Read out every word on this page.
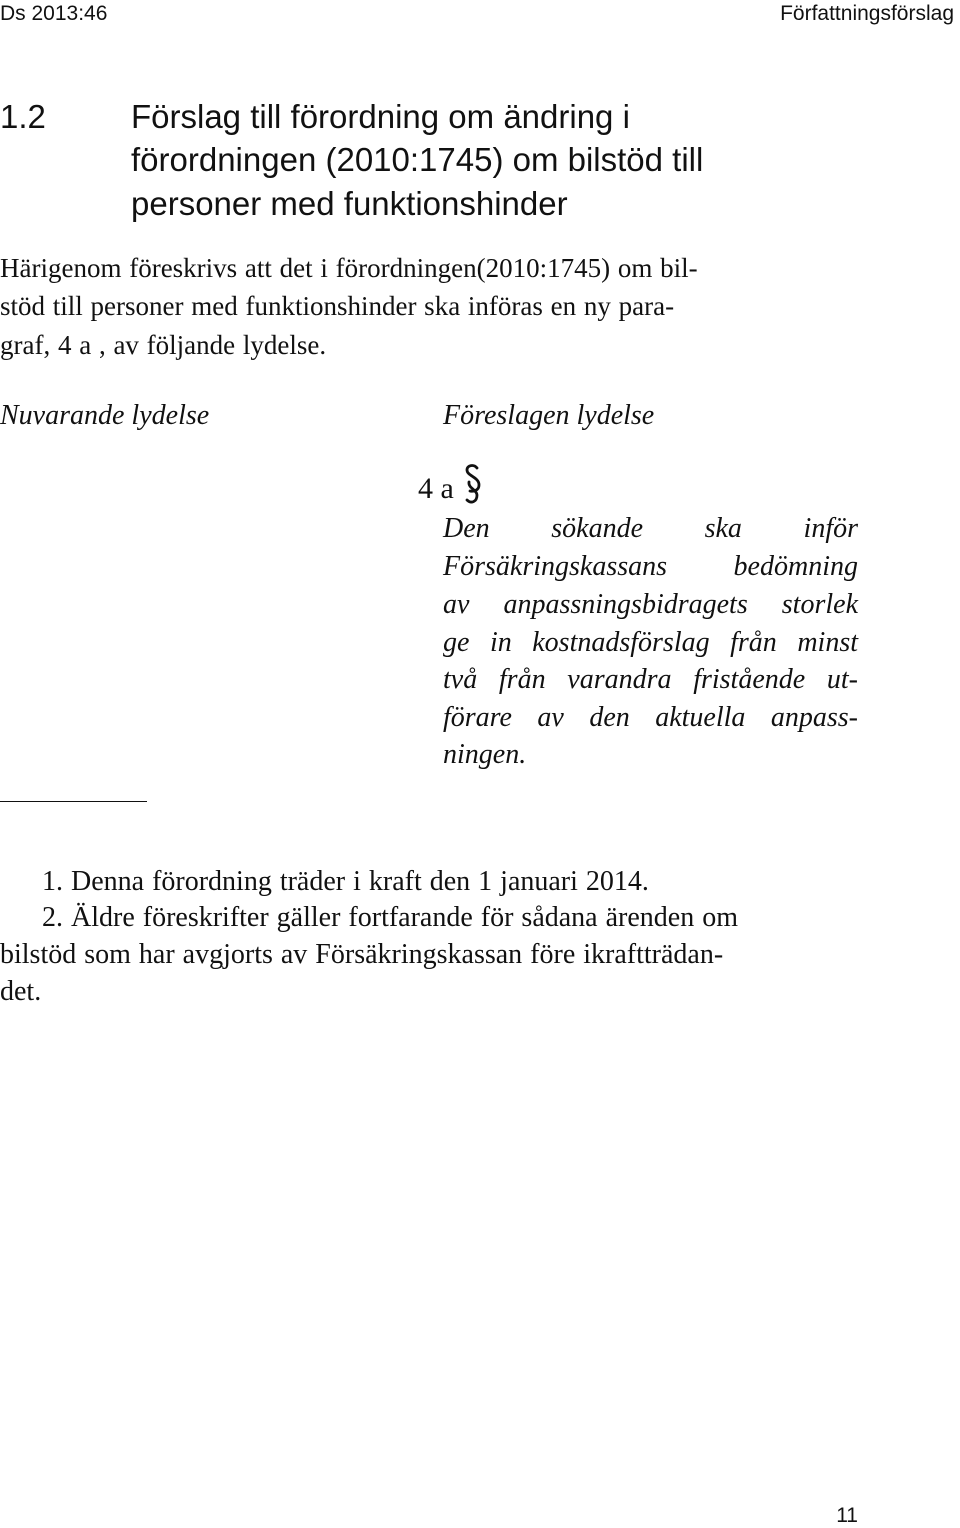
Ds 2013:46	Författningsförslag
1.2	Förslag till förordning om ändring i
förordningen (2010:1745) om bilstöd till
personer med funktionshinder
Härigenom föreskrivs att det i förordningen(2010:1745) om bil-
stöd till personer med funktionshinder ska införas en ny para-
graf, 4 a , av följande lydelse.
Nuvarande lydelse	Föreslagen lydelse
4 a
Den sökande ska inför
Försäkringskassans bedömning
av anpassningsbidragets storlek
ge in kostnadsförslag från minst
två från varandra fristående ut-
förare av den aktuella anpass-
ningen.
1. Denna förordning träder i kraft den 1 januari 2014.
2. Äldre föreskrifter gäller fortfarande för sådana ärenden om
bilstöd som har avgjorts av Försäkringskassan före ikraftträdan-
det.
11
